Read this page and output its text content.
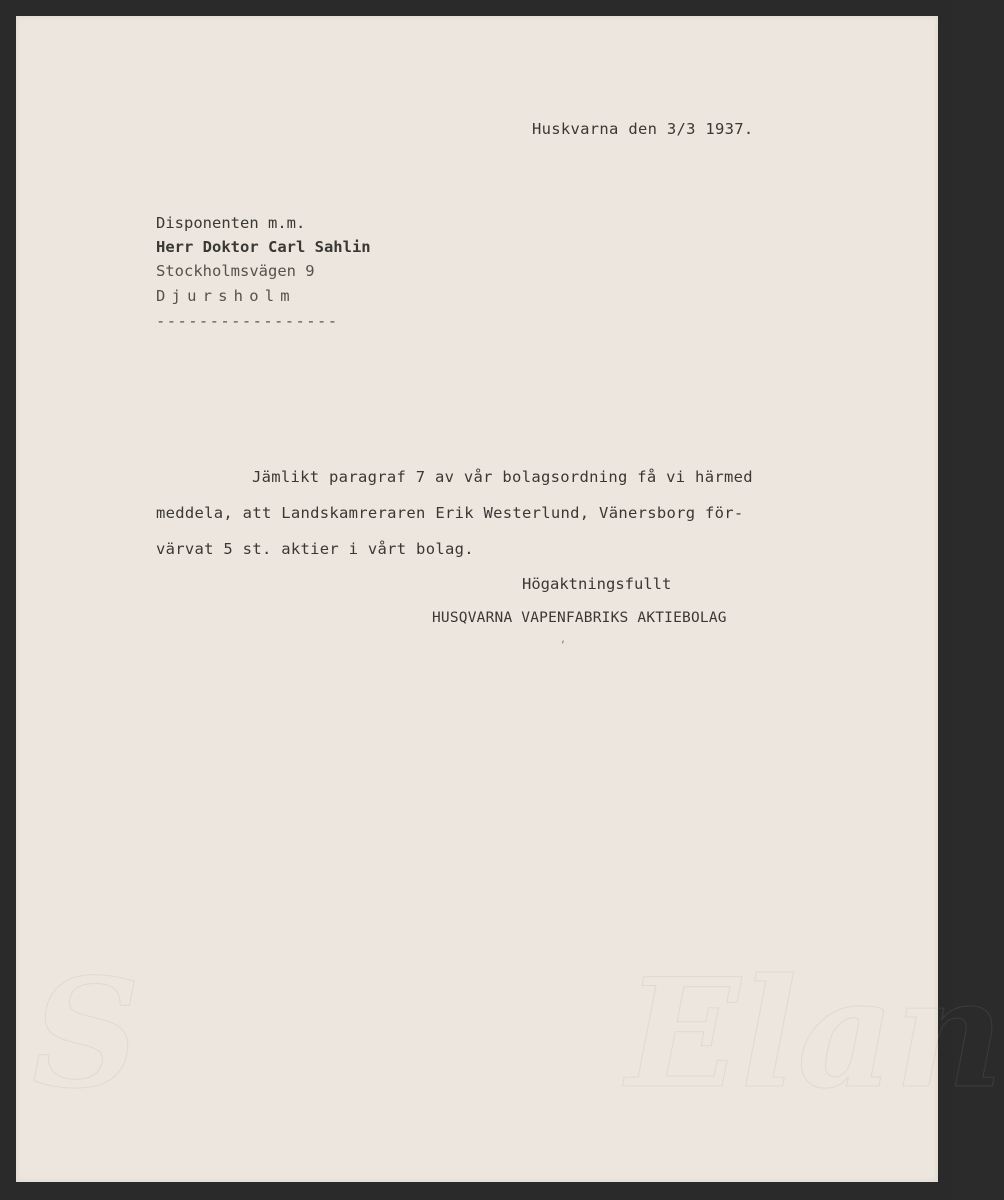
S	Elan

Huskvarna den 3/3 1937.

Disponenten m.m.

Herr Doktor Carl Sahlin

Stockholmsvägen 9

Djursholm

-----------------

Jämlikt paragraf 7 av vår bolagsordning få vi härmed

meddela, att Landskamreraren Erik Westerlund, Vänersborg för-

värvat 5 st. aktier i vårt bolag.

Högaktningsfullt

HUSQVARNA VAPENFABRIKS AKTIEBOLAG

,
